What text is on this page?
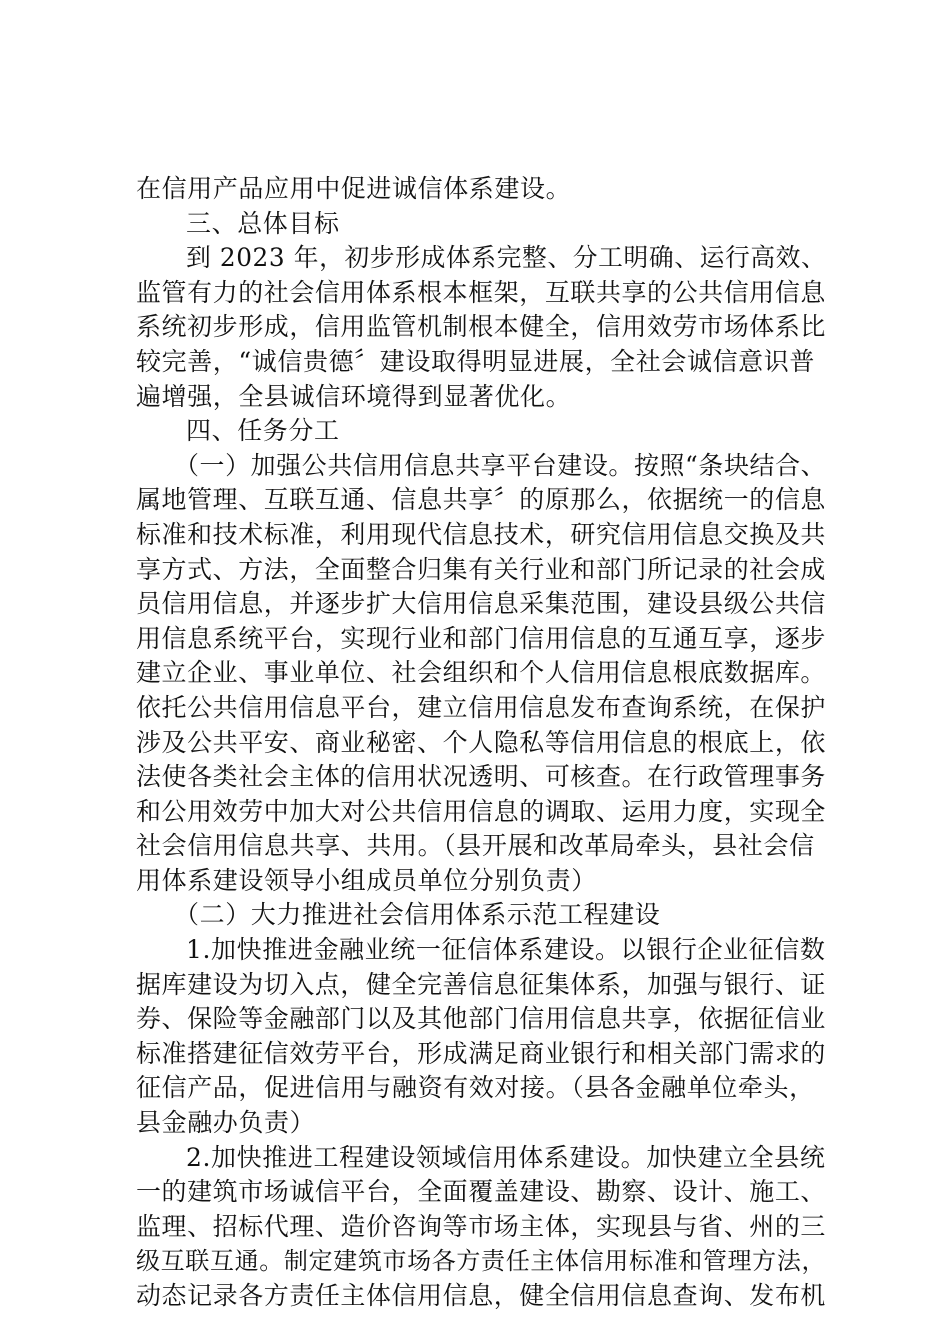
在信用产品应用中促进诚信体系建设。
三、总体目标
到 2023 年，初步形成体系完整、分工明确、运行高效、
监管有力的社会信用体系根本框架，互联共享的公共信用信息
系统初步形成，信用监管机制根本健全，信用效劳市场体系比
较完善，“诚信贵德〞建设取得明显进展，全社会诚信意识普
遍增强，全县诚信环境得到显著优化。
四、任务分工
（一）加强公共信用信息共享平台建设。按照“条块结合、
属地管理、互联互通、信息共享〞的原那么，依据统一的信息
标准和技术标准，利用现代信息技术，研究信用信息交换及共
享方式、方法，全面整合归集有关行业和部门所记录的社会成
员信用信息，并逐步扩大信用信息采集范围，建设县级公共信
用信息系统平台，实现行业和部门信用信息的互通互享，逐步
建立企业、事业单位、社会组织和个人信用信息根底数据库。
依托公共信用信息平台，建立信用信息发布查询系统，在保护
涉及公共平安、商业秘密、个人隐私等信用信息的根底上，依
法使各类社会主体的信用状况透明、可核查。在行政管理事务
和公用效劳中加大对公共信用信息的调取、运用力度，实现全
社会信用信息共享、共用。（县开展和改革局牵头，县社会信
用体系建设领导小组成员单位分别负责）
（二）大力推进社会信用体系示范工程建设
1.加快推进金融业统一征信体系建设。以银行企业征信数
据库建设为切入点，健全完善信息征集体系，加强与银行、证
券、保险等金融部门以及其他部门信用信息共享，依据征信业
标准搭建征信效劳平台，形成满足商业银行和相关部门需求的
征信产品，促进信用与融资有效对接。（县各金融单位牵头，
县金融办负责）
2.加快推进工程建设领域信用体系建设。加快建立全县统
一的建筑市场诚信平台，全面覆盖建设、勘察、设计、施工、
监理、招标代理、造价咨询等市场主体，实现县与省、州的三
级互联互通。制定建筑市场各方责任主体信用标准和管理方法，
动态记录各方责任主体信用信息，健全信用信息查询、发布机
